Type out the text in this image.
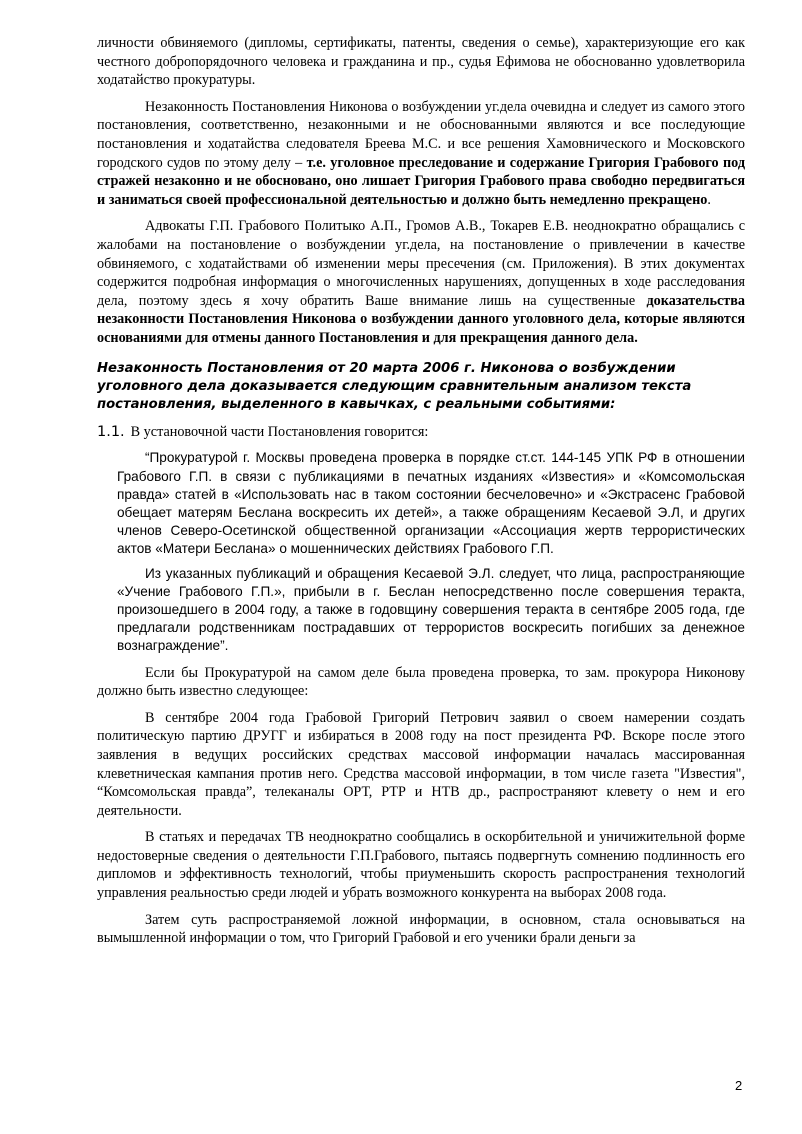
личности обвиняемого (дипломы, сертификаты, патенты, сведения о семье), характеризующие его как честного добропорядочного человека и гражданина и пр., судья Ефимова не обоснованно удовлетворила ходатайство прокуратуры.

Незаконность Постановления Никонова о возбуждении уг.дела очевидна и следует из самого этого постановления, соответственно, незаконными и не обоснованными являются и все последующие постановления и ходатайства следователя Бреева М.С. и все решения Хамовнического и Московского городского судов по этому делу – т.е. уголовное преследование и содержание Григория Грабового под стражей незаконно и не обосновано, оно лишает Григория Грабового права свободно передвигаться и заниматься своей профессиональной деятельностью и должно быть немедленно прекращено.

Адвокаты Г.П. Грабового Политыко А.П., Громов А.В., Токарев Е.В. неоднократно обращались с жалобами на постановление о возбуждении уг.дела, на постановление о привлечении в качестве обвиняемого, с ходатайствами об изменении меры пресечения (см. Приложения). В этих документах содержится подробная информация о многочисленных нарушениях, допущенных в ходе расследования дела, поэтому здесь я хочу обратить Ваше внимание лишь на существенные доказательства незаконности Постановления Никонова о возбуждении данного уголовного дела, которые являются основаниями для отмены данного Постановления и для прекращения данного дела.

Незаконность Постановления от 20 марта 2006 г. Никонова о возбуждении уголовного дела доказывается следующим сравнительным анализом текста постановления, выделенного в кавычках, с реальными событиями:

1.1. В установочной части Постановления говорится:

“Прокуратурой г. Москвы проведена проверка в порядке ст.ст. 144-145 УПК РФ в отношении Грабового Г.П. в связи с публикациями в печатных изданиях «Известия» и «Комсомольская правда» статей в «Использовать нас в таком состоянии бесчеловечно» и «Экстрасенс Грабовой обещает матерям Беслана воскресить их детей», а также обращениям Кесаевой Э.Л, и других членов Северо-Осетинской общественной организации «Ассоциация жертв террористических актов «Матери Беслана» о мошеннических действиях Грабового Г.П.

Из указанных публикаций и обращения Кесаевой Э.Л. следует, что лица, распространяющие «Учение Грабового Г.П.», прибыли в г. Беслан непосредственно после совершения теракта, произошедшего в 2004 году, а также в годовщину совершения теракта в сентябре 2005 года, где предлагали родственникам пострадавших от террористов воскресить погибших за денежное вознаграждение”.

Если бы Прокуратурой на самом деле была проведена проверка, то зам. прокурора Никонову должно быть известно следующее:

В сентябре 2004 года Грабовой Григорий Петрович заявил о своем намерении создать политическую партию ДРУГГ и избираться в 2008 году на пост президента РФ. Вскоре после этого заявления в ведущих российских средствах массовой информации началась массированная клеветническая кампания против него. Средства массовой информации, в том числе газета "Известия", “Комсомольская правда”, телеканалы ОРТ, РТР и НТВ др., распространяют клевету о нем и его деятельности.

В статьях и передачах ТВ неоднократно сообщались в оскорбительной и уничижительной форме недостоверные сведения о деятельности Г.П.Грабового, пытаясь подвергнуть сомнению подлинность его дипломов и эффективность технологий, чтобы приуменьшить скорость распространения технологий управления реальностью среди людей и убрать возможного конкурента на выборах 2008 года.

Затем суть распространяемой ложной информации, в основном, стала основываться на вымышленной информации о том, что Григорий Грабовой и его ученики брали деньги за

2
